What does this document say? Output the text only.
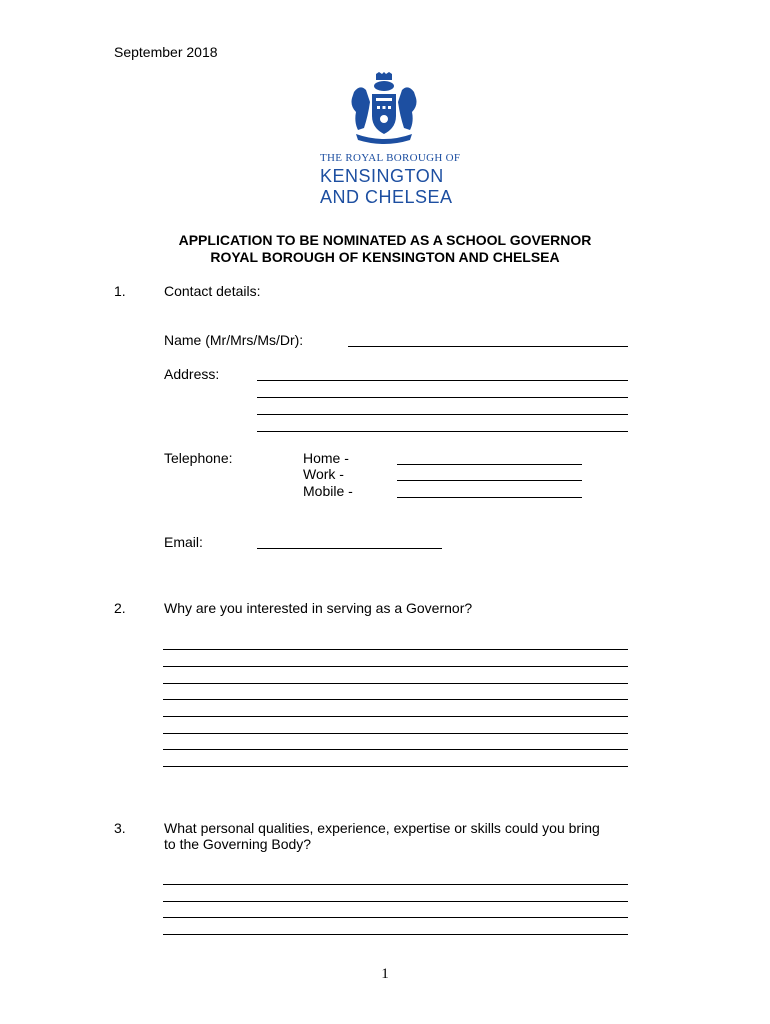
September 2018
THE ROYAL BOROUGH OF
KENSINGTON
AND CHELSEA
APPLICATION TO BE NOMINATED AS A SCHOOL GOVERNOR
ROYAL BOROUGH OF KENSINGTON AND CHELSEA
1.	Contact details:
Name (Mr/Mrs/Ms/Dr):
Address:
Telephone:	Home -
Work -
Mobile -
Email:
2.	Why are you interested in serving as a Governor?
3.	What personal qualities, experience, expertise or skills could you bring
to the Governing Body?
1
